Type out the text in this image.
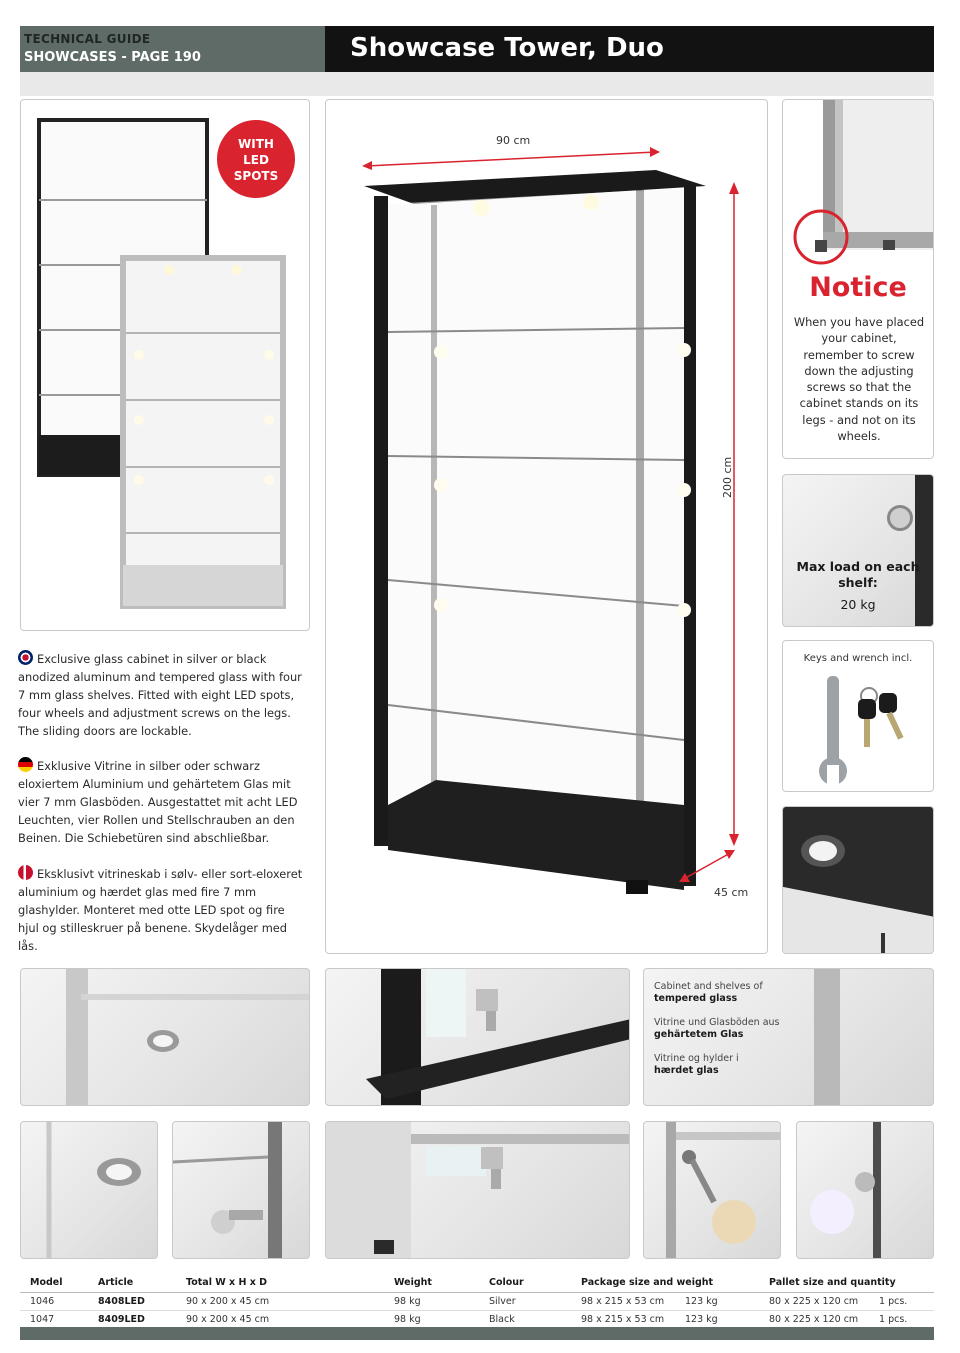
TECHNICAL GUIDE
SHOWCASES - PAGE 190	Showcase Tower, Duo
WITH
LED
SPOTS
Exclusive glass cabinet in silver or black anodized aluminum and tempered glass with four 7 mm glass shelves. Fitted with eight LED spots, four wheels and adjustment screws on the legs. The sliding doors are lockable.
Exklusive Vitrine in silber oder schwarz eloxiertem Aluminium und gehärtetem Glas mit vier 7 mm Glasböden. Ausgestattet mit acht LED Leuchten, vier Rollen und Stellschrauben an den Beinen. Die Schiebetüren sind abschließbar.
Eksklusivt vitrineskab i sølv- eller sort-eloxeret aluminium og hærdet glas med fire 7 mm glashylder. Monteret med otte LED spot og fire hjul og stilleskruer på benene. Skydelåger med lås.
90 cm
200 cm
45 cm
Notice
When you have placed your cabinet, remember to screw down the adjusting screws so that the cabinet stands on its legs - and not on its wheels.
Max load on each shelf:
20 kg
Keys and wrench incl.
Cabinet and shelves of
tempered glass
Vitrine und Glasböden aus
gehärtetem Glas
Vitrine og hylder i
hærdet glas
Model	Article	Total W x H x D	Weight	Colour	Package size and weight		Pallet size and quantity	
1046	8408LED	90 x 200 x 45 cm	98 kg	Silver	98 x 215 x 53 cm	123 kg	80 x 225 x 120 cm	1 pcs.
1047	8409LED	90 x 200 x 45 cm	98 kg	Black	98 x 215 x 53 cm	123 kg	80 x 225 x 120 cm	1 pcs.
